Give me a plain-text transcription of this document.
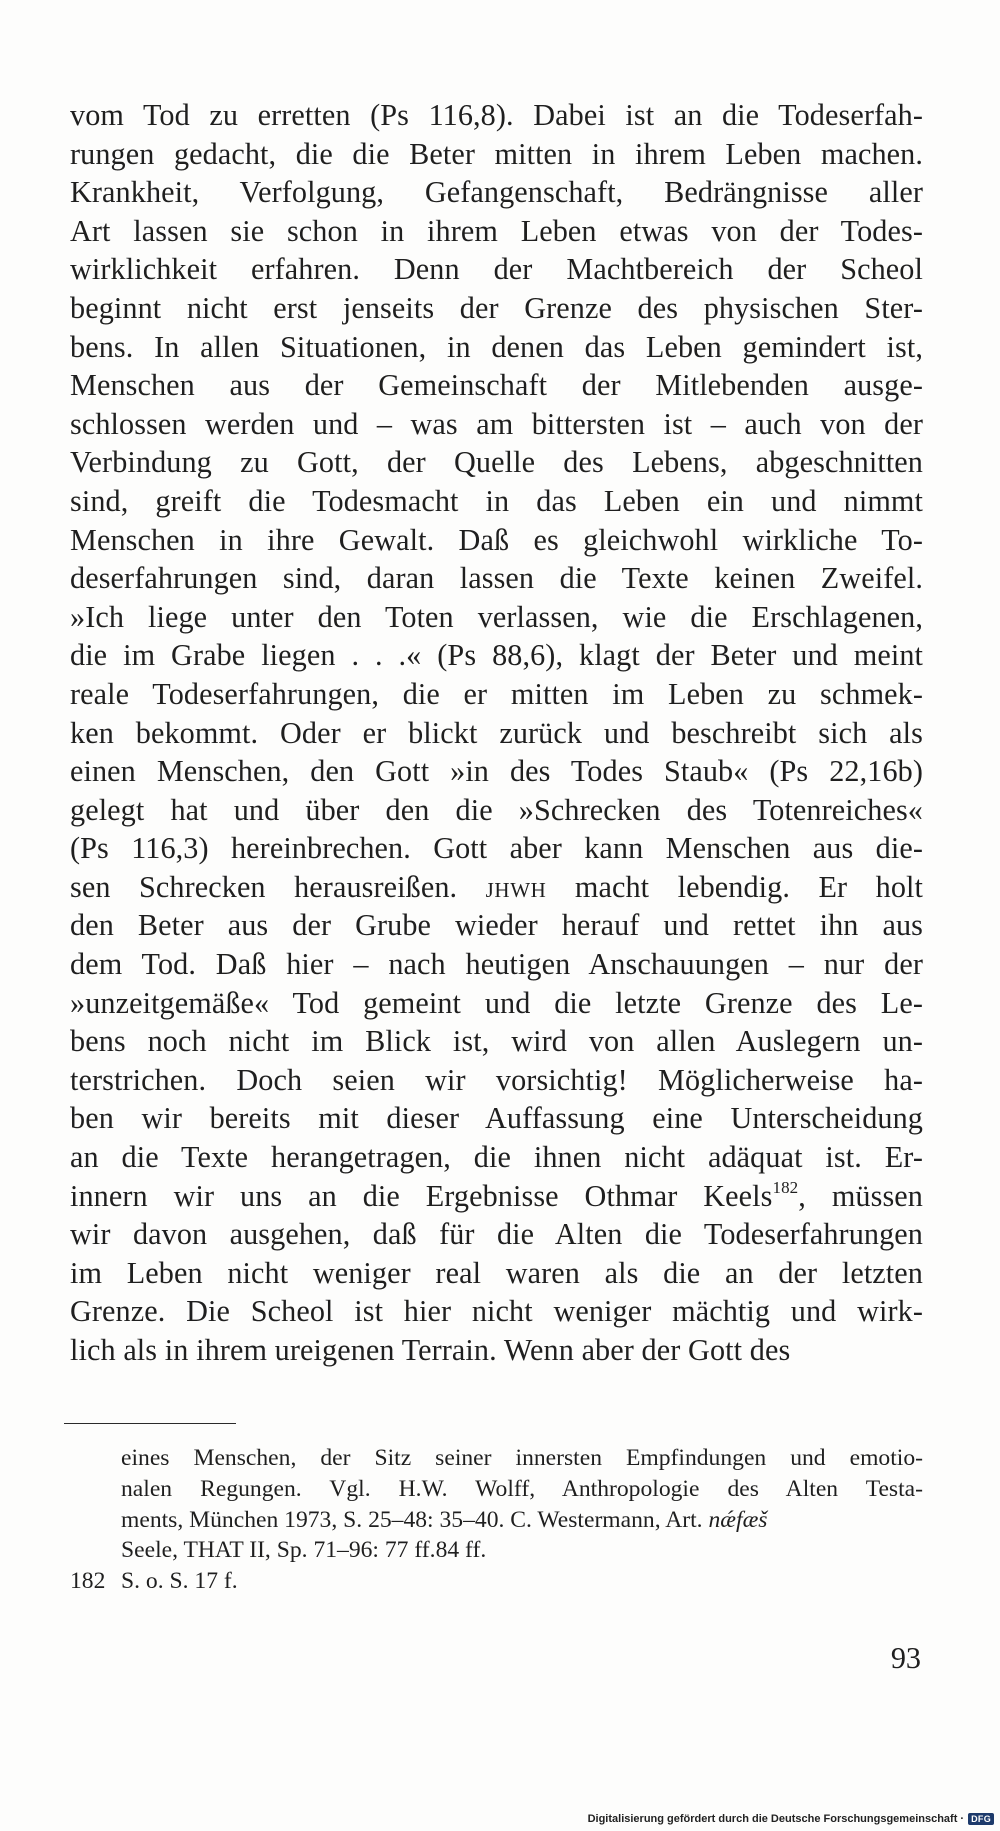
vom Tod zu erretten (Ps 116,8). Dabei ist an die Todeserfah-
rungen gedacht, die die Beter mitten in ihrem Leben machen.
Krankheit, Verfolgung, Gefangenschaft, Bedrängnisse aller
Art lassen sie schon in ihrem Leben etwas von der Todes-
wirklichkeit erfahren. Denn der Machtbereich der Scheol
beginnt nicht erst jenseits der Grenze des physischen Ster-
bens. In allen Situationen, in denen das Leben gemindert ist,
Menschen aus der Gemeinschaft der Mitlebenden ausge-
schlossen werden und – was am bittersten ist – auch von der
Verbindung zu Gott, der Quelle des Lebens, abgeschnitten
sind, greift die Todesmacht in das Leben ein und nimmt
Menschen in ihre Gewalt. Daß es gleichwohl wirkliche To-
deserfahrungen sind, daran lassen die Texte keinen Zweifel.
»Ich liege unter den Toten verlassen, wie die Erschlagenen,
die im Grabe liegen . . .« (Ps 88,6), klagt der Beter und meint
reale Todeserfahrungen, die er mitten im Leben zu schmek-
ken bekommt. Oder er blickt zurück und beschreibt sich als
einen Menschen, den Gott »in des Todes Staub« (Ps 22,16b)
gelegt hat und über den die »Schrecken des Totenreiches«
(Ps 116,3) hereinbrechen. Gott aber kann Menschen aus die-
sen Schrecken herausreißen. jhwh macht lebendig. Er holt
den Beter aus der Grube wieder herauf und rettet ihn aus
dem Tod. Daß hier – nach heutigen Anschauungen – nur der
»unzeitgemäße« Tod gemeint und die letzte Grenze des Le-
bens noch nicht im Blick ist, wird von allen Auslegern un-
terstrichen. Doch seien wir vorsichtig! Möglicherweise ha-
ben wir bereits mit dieser Auffassung eine Unterscheidung
an die Texte herangetragen, die ihnen nicht adäquat ist. Er-
innern wir uns an die Ergebnisse Othmar Keels$^{182}$, müssen
wir davon ausgehen, daß für die Alten die Todeserfahrungen
im Leben nicht weniger real waren als die an der letzten
Grenze. Die Scheol ist hier nicht weniger mächtig und wirk-
lich als in ihrem ureigenen Terrain. Wenn aber der Gott des
eines Menschen, der Sitz seiner innersten Empfindungen und emotio-
nalen Regungen. Vgl. H.W. Wolff, Anthropologie des Alten Testa-
ments, München 1973, S. 25–48: 35–40. C. Westermann, Art. nǽfæš
Seele, THAT II, Sp. 71–96: 77 ff.84 ff.
182 S. o. S. 17 f.
93
Digitalisierung gefördert durch die Deutsche Forschungsgemeinschaft · DFG
